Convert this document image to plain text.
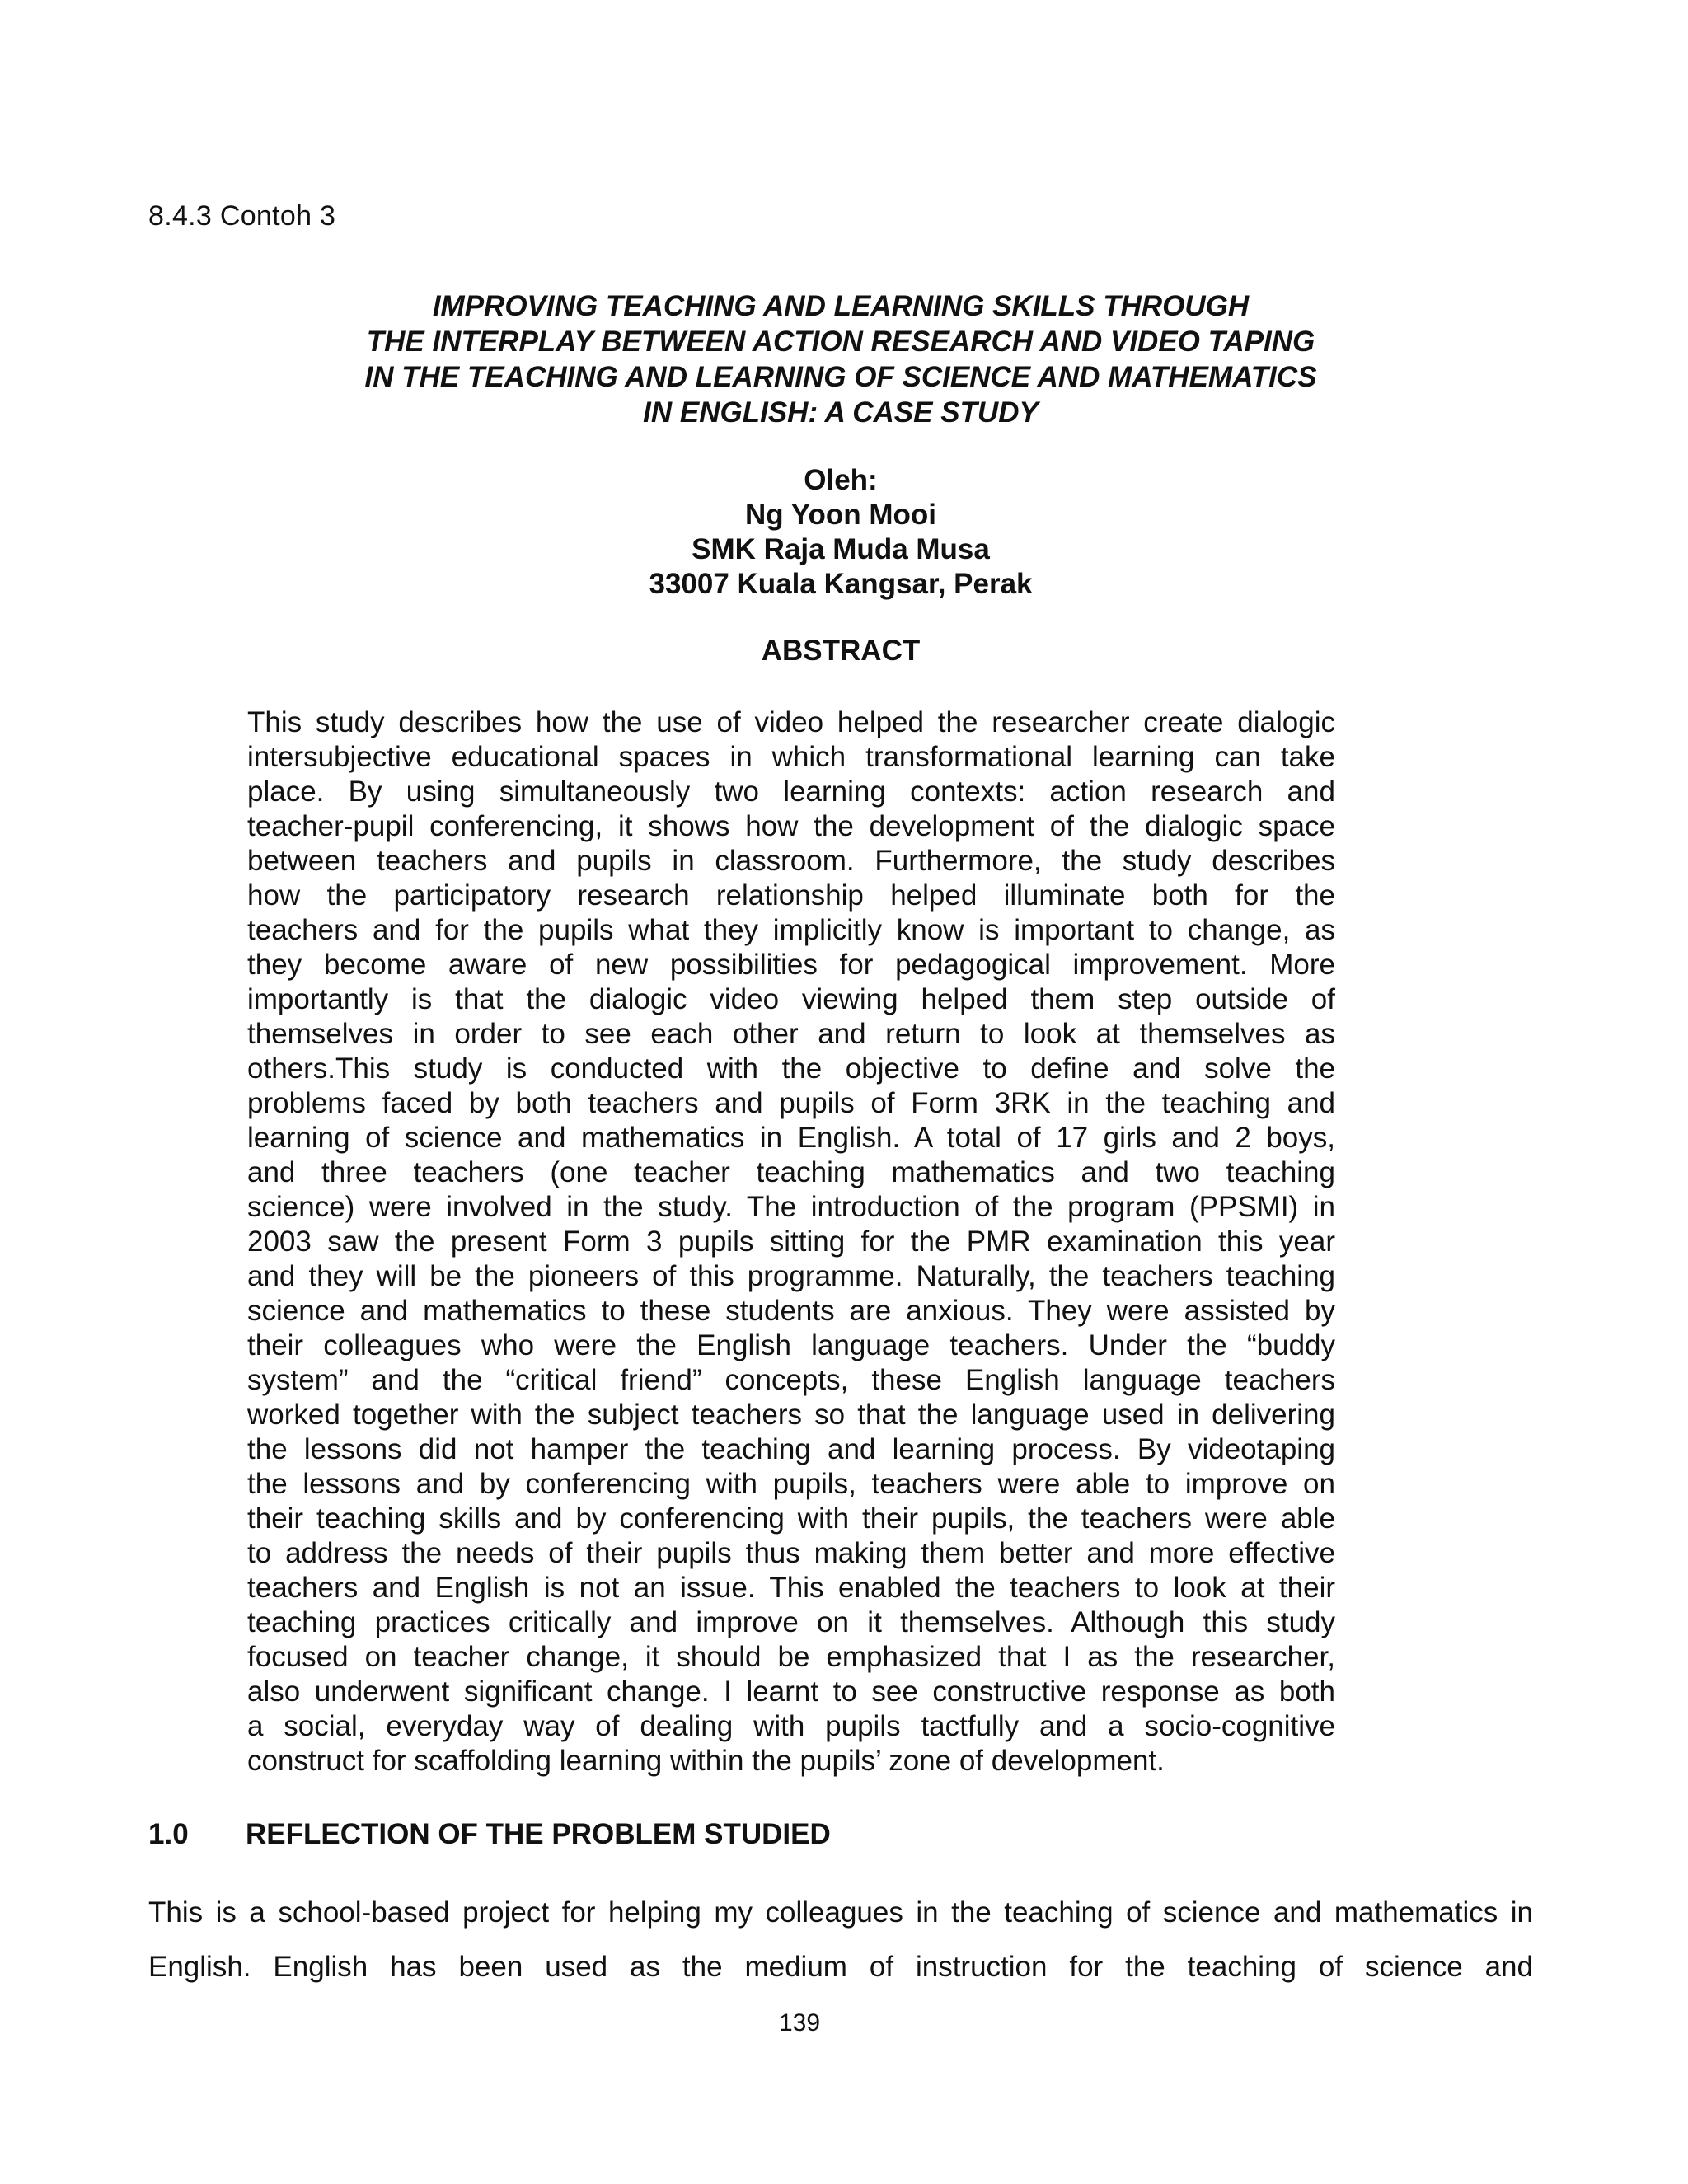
8.4.3 Contoh 3
IMPROVING TEACHING AND LEARNING SKILLS THROUGH
THE INTERPLAY BETWEEN ACTION RESEARCH AND VIDEO TAPING
IN THE TEACHING AND LEARNING OF SCIENCE AND MATHEMATICS
IN ENGLISH: A CASE STUDY
Oleh:
Ng Yoon Mooi
SMK Raja Muda Musa
33007 Kuala Kangsar, Perak
ABSTRACT
This study describes how the use of video helped the researcher create dialogic
intersubjective educational spaces in which transformational learning can take
place. By using simultaneously two learning contexts: action research and
teacher-pupil conferencing, it shows how the development of the dialogic space
between teachers and pupils in classroom. Furthermore, the study describes
how the participatory research relationship helped illuminate both for the
teachers and for the pupils what they implicitly know is important to change, as
they become aware of new possibilities for pedagogical improvement. More
importantly is that the dialogic video viewing helped them step outside of
themselves in order to see each other and return to look at themselves as
others.This study is conducted with the objective to define and solve the
problems faced by both teachers and pupils of Form 3RK in the teaching and
learning of science and mathematics in English. A total of 17 girls and 2 boys,
and three teachers (one teacher teaching mathematics and two teaching
science) were involved in the study. The introduction of the program (PPSMI) in
2003 saw the present Form 3 pupils sitting for the PMR examination this year
and they will be the pioneers of this programme. Naturally, the teachers teaching
science and mathematics to these students are anxious. They were assisted by
their colleagues who were the English language teachers. Under the “buddy
system” and the “critical friend” concepts, these English language teachers
worked together with the subject teachers so that the language used in delivering
the lessons did not hamper the teaching and learning process. By videotaping
the lessons and by conferencing with pupils, teachers were able to improve on
their teaching skills and by conferencing with their pupils, the teachers were able
to address the needs of their pupils thus making them better and more effective
teachers and English is not an issue. This enabled the teachers to look at their
teaching practices critically and improve on it themselves. Although this study
focused on teacher change, it should be emphasized that I as the researcher,
also underwent significant change. I learnt to see constructive response as both
a social, everyday way of dealing with pupils tactfully and a socio-cognitive
construct for scaffolding learning within the pupils’ zone of development.
1.0 REFLECTION OF THE PROBLEM STUDIED
This is a school-based project for helping my colleagues in the teaching of science and mathematics in
English. English has been used as the medium of instruction for the teaching of science and
139
